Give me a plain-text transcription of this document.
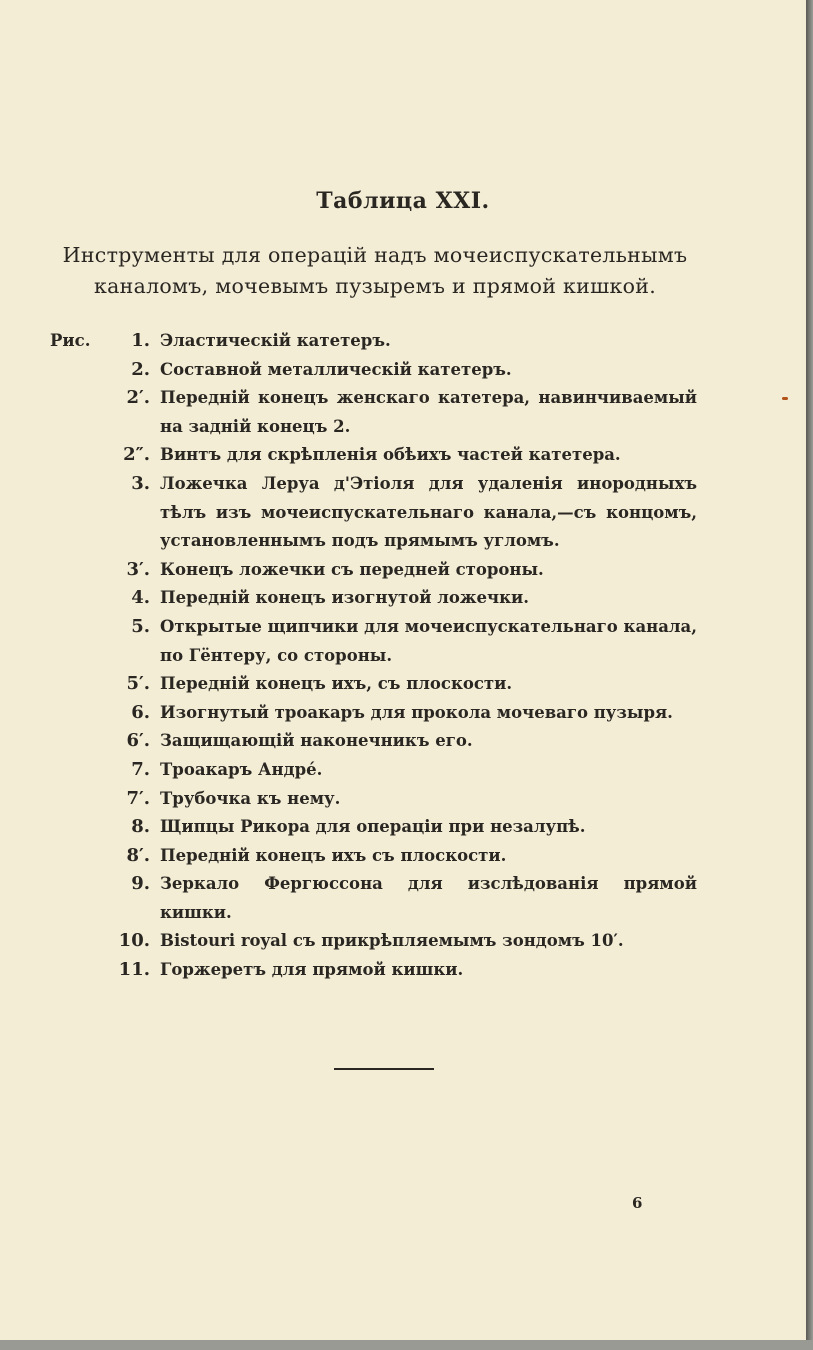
Таблица XXI.
Инструменты для операцій надъ мочеиспускательнымъ каналомъ, мочевымъ пузыремъ и прямой кишкой.
Рис.	1. Эластическій катетеръ.
2. Составной металлическій катетеръ.
2′. Передній конецъ женскаго катетера, навинчиваемый на задній конецъ 2.
2″. Винтъ для скрѣпленія обѣихъ частей катетера.
3. Ложечка Леруа д'Этіоля для удаленія инородныхъ тѣлъ изъ мочеиспускательнаго канала,—съ концомъ, установленнымъ подъ прямымъ угломъ.
3′. Конецъ ложечки съ передней стороны.
4. Передній конецъ изогнутой ложечки.
5. Открытые щипчики для мочеиспускательнаго канала, по Гёнтеру, со стороны.
5′. Передній конецъ ихъ, съ плоскости.
6. Изогнутый троакаръ для прокола мочеваго пузыря.
6′. Защищающій наконечникъ его.
7. Троакаръ Андре́.
7′. Трубочка къ нему.
8. Щипцы Рикора для операціи при незалупѣ.
8′. Передній конецъ ихъ съ плоскости.
9. Зеркало Фергюссона для изслѣдованія прямой кишки.
10. Bistouri royal съ прикрѣпляемымъ зондомъ 10′.
11. Горжеретъ для прямой кишки.
6
